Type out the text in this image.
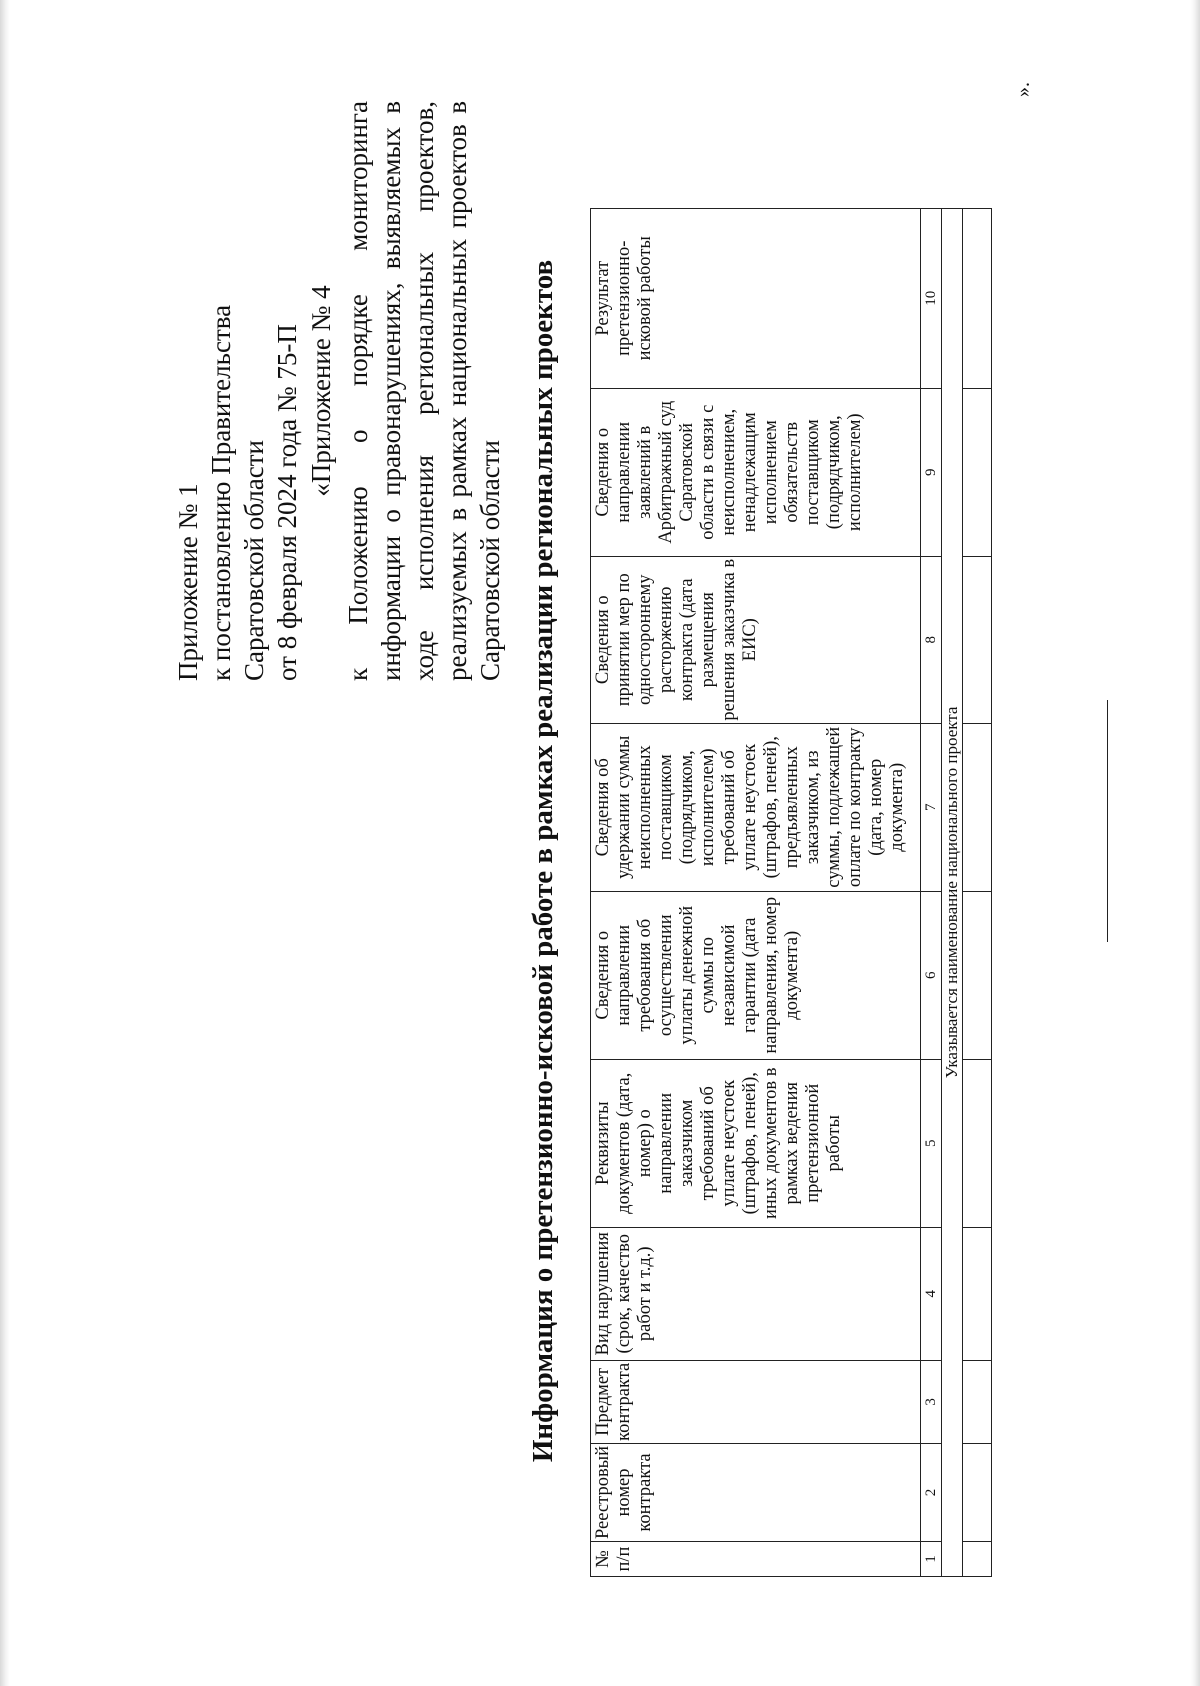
Приложение № 1 к постановлению Правительства Саратовской области от 8 февраля 2024 года № 75-П «Приложение № 4 к Положению о порядке мониторинга информации о правонарушениях, выявляемых в ходе исполнения региональных проектов, реализуемых в рамках национальных проектов в Саратовской области Информация о претензионно-исковой работе в рамках реализации региональных проектов
№ п/п	Реестровый номер контракта	Предмет контракта	Вид нарушения (срок, качество работ и т.д.)	Реквизиты документов (дата, номер) о направлении заказчиком требований об уплате неустоек (штрафов, пеней), иных документов в рамках ведения претензионной работы	Сведения о направлении требования об осуществлении уплаты денежной суммы по независимой гарантии (дата направления, номер документа)	Сведения об удержании суммы неисполненных поставщиком (подрядчиком, исполнителем) требований об уплате неустоек (штрафов, пеней), предъявленных заказчиком, из суммы, подлежащей оплате по контракту (дата, номер документа)	Сведения о принятии мер по одностороннему расторжению контракта (дата размещения решения заказчика в ЕИС)	Сведения о направлении заявлений в Арбитражный суд Саратовской области в связи с неисполнением, ненадлежащим исполнением обязательств поставщиком (подрядчиком, исполнителем)	Результат претензионно-исковой работы
1	2	3	4	5	6	7	8	9	10
Указывается наименование национального проекта									

».
